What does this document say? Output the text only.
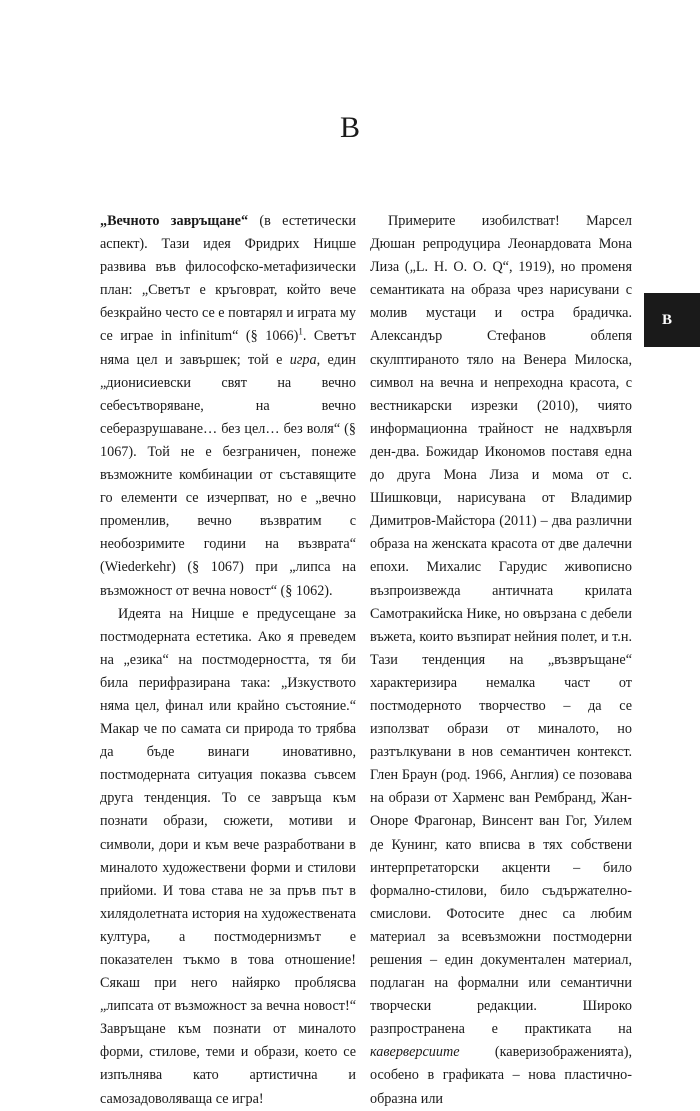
В
В

„Вечното завръщане“ (в естетически аспект). Тази идея Фридрих Ницше развива във философско-метафизически план: „Светът е кръговрат, който вече безкрайно често се е повтарял и играта му се играе in infinitum“ (§ 1066)$^1$. Светът няма цел и завършек; той е игра, един „дионисиевски свят на вечно себесътворяване, на вечно себеразрушаване… без цел… без воля“ (§ 1067). Той не е безграничен, понеже възможните комбинации от съставящите го елементи се изчерпват, но е „вечно променлив, вечно възвратим с необозримите години на възврата“ (Wiederkehr) (§ 1067) при „липса на възможност от вечна новост“ (§ 1062).

Идеята на Ницше е предусещане за постмодерната естетика. Ако я преведем на „езика“ на постмодерността, тя би била перифразирана така: „Изкуството няма цел, финал или крайно състояние.“ Макар че по самата си природа то трябва да бъде винаги иновативно, постмодерната ситуация показва съвсем друга тенденция. То се завръща към познати образи, сюжети, мотиви и символи, дори и към вече разработвани в миналото художествени форми и стилови прийоми. И това става не за пръв път в хилядолетната история на художествената култура, а постмодернизмът е показателен тъкмо в това отношение! Сякаш при него найярко проблясва „липсата от възможност за вечна новост!“ Завръщане към познати от миналото форми, стилове, теми и образи, което се изпълнява като артистична и самозадоволяваща се игра!

Примерите изобилстват! Марсел Дюшан репродуцира Леонардовата Мона Лиза („L. H. O. O. Q“, 1919), но променя семантиката на образа чрез нарисувани с молив мустаци и остра брадичка. Александър Стефанов облепя скулптираното тяло на Венера Милоска, символ на вечна и непреходна красота, с вестникарски изрезки (2010), чиято информационна трайност не надхвърля ден-два. Божидар Икономов поставя една до друга Мона Лиза и мома от с. Шишковци, нарисувана от Владимир Димитров-Майстора (2011) – два различни образа на женската красота от две далечни епохи. Михалис Гарудис живописно възпроизвежда античната крилата Самотракийска Нике, но овързана с дебели въжета, които възпират нейния полет, и т.н. Тази тенденция на „възвръщане“ характеризира немалка част от постмодерното творчество – да се използват образи от миналото, но разтълкувани в нов семантичен контекст. Глен Браун (род. 1966, Англия) се позовава на образи от Харменс ван Рембранд, Жан-Оноре Фрагонар, Винсент ван Гог, Уилем де Кунинг, като вписва в тях собствени интерпретаторски акценти – било формално-стилови, било съдържателно-смислови. Фотосите днес са любим материал за всевъзможни постмодерни решения – един документален материал, подлаган на формални или семантични творчески редакции. Широко разпространена е практиката на каверверсиите (каверизображенията), особено в графиката – нова пластично-образна или
